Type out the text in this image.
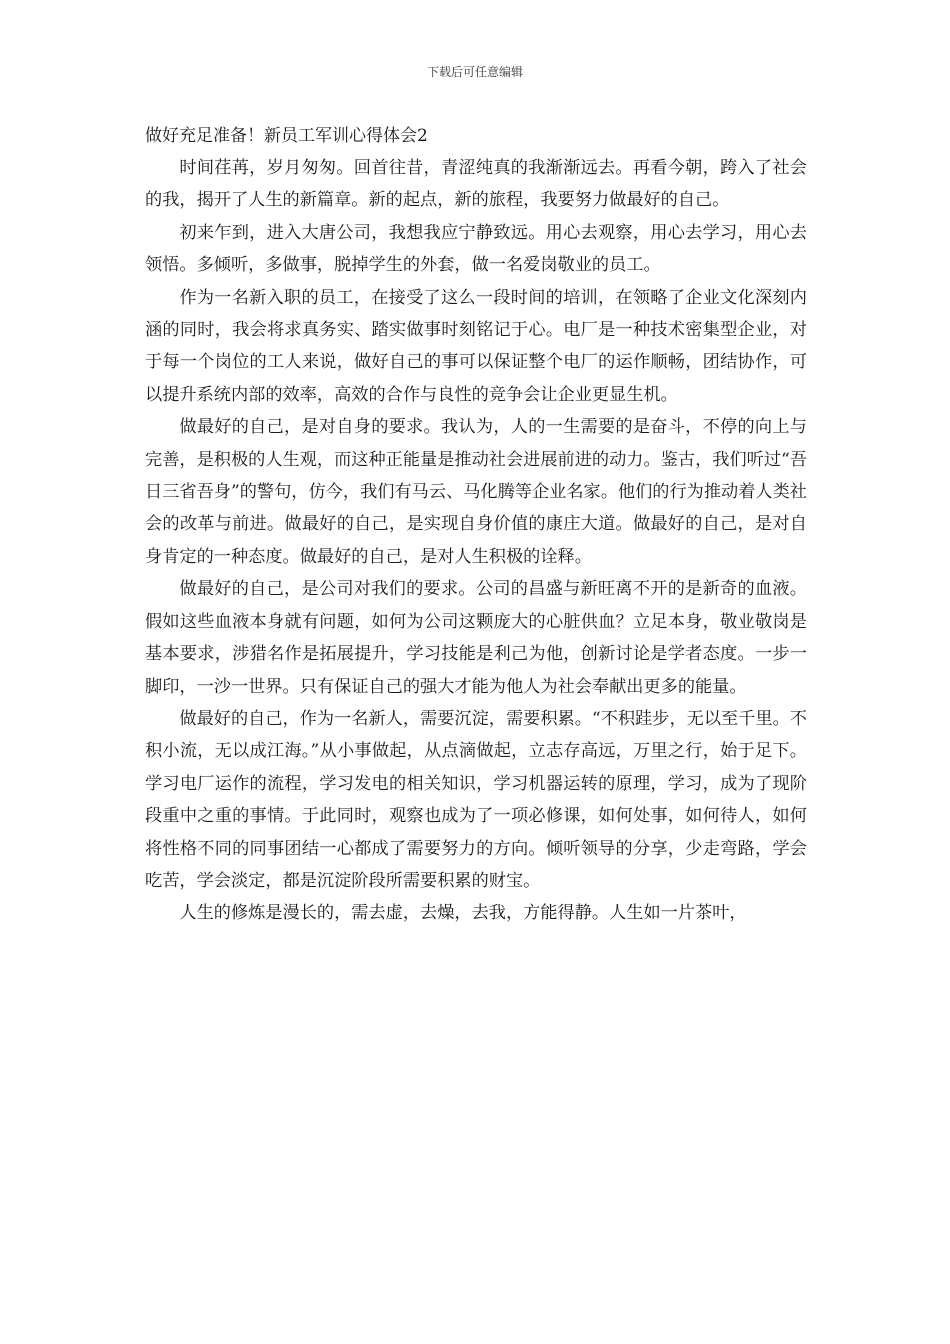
下载后可任意编辑
做好充足准备！新员工军训心得体会2

时间荏苒，岁月匆匆。回首往昔，青涩纯真的我渐渐远去。再看今朝，跨入了社会的我，揭开了人生的新篇章。新的起点，新的旅程，我要努力做最好的自己。

初来乍到，进入大唐公司，我想我应宁静致远。用心去观察，用心去学习，用心去领悟。多倾听，多做事，脱掉学生的外套，做一名爱岗敬业的员工。

作为一名新入职的员工，在接受了这么一段时间的培训，在领略了企业文化深刻内涵的同时，我会将求真务实、踏实做事时刻铭记于心。电厂是一种技术密集型企业，对于每一个岗位的工人来说，做好自己的事可以保证整个电厂的运作顺畅，团结协作，可以提升系统内部的效率，高效的合作与良性的竞争会让企业更显生机。

做最好的自己，是对自身的要求。我认为，人的一生需要的是奋斗，不停的向上与完善，是积极的人生观，而这种正能量是推动社会进展前进的动力。鉴古，我们听过“吾日三省吾身”的警句，仿今，我们有马云、马化腾等企业名家。他们的行为推动着人类社会的改革与前进。做最好的自己，是实现自身价值的康庄大道。做最好的自己，是对自身肯定的一种态度。做最好的自己，是对人生积极的诠释。

做最好的自己，是公司对我们的要求。公司的昌盛与新旺离不开的是新奇的血液。假如这些血液本身就有问题，如何为公司这颗庞大的心脏供血？立足本身，敬业敬岗是基本要求，涉猎名作是拓展提升，学习技能是利己为他，创新讨论是学者态度。一步一脚印，一沙一世界。只有保证自己的强大才能为他人为社会奉献出更多的能量。

做最好的自己，作为一名新人，需要沉淀，需要积累。“不积跬步，无以至千里。不积小流，无以成江海。”从小事做起，从点滴做起，立志存高远，万里之行，始于足下。学习电厂运作的流程，学习发电的相关知识，学习机器运转的原理，学习，成为了现阶段重中之重的事情。于此同时，观察也成为了一项必修课，如何处事，如何待人，如何将性格不同的同事团结一心都成了需要努力的方向。倾听领导的分享，少走弯路，学会吃苦，学会淡定，都是沉淀阶段所需要积累的财宝。

人生的修炼是漫长的，需去虚，去燥，去我，方能得静。人生如一片茶叶，
